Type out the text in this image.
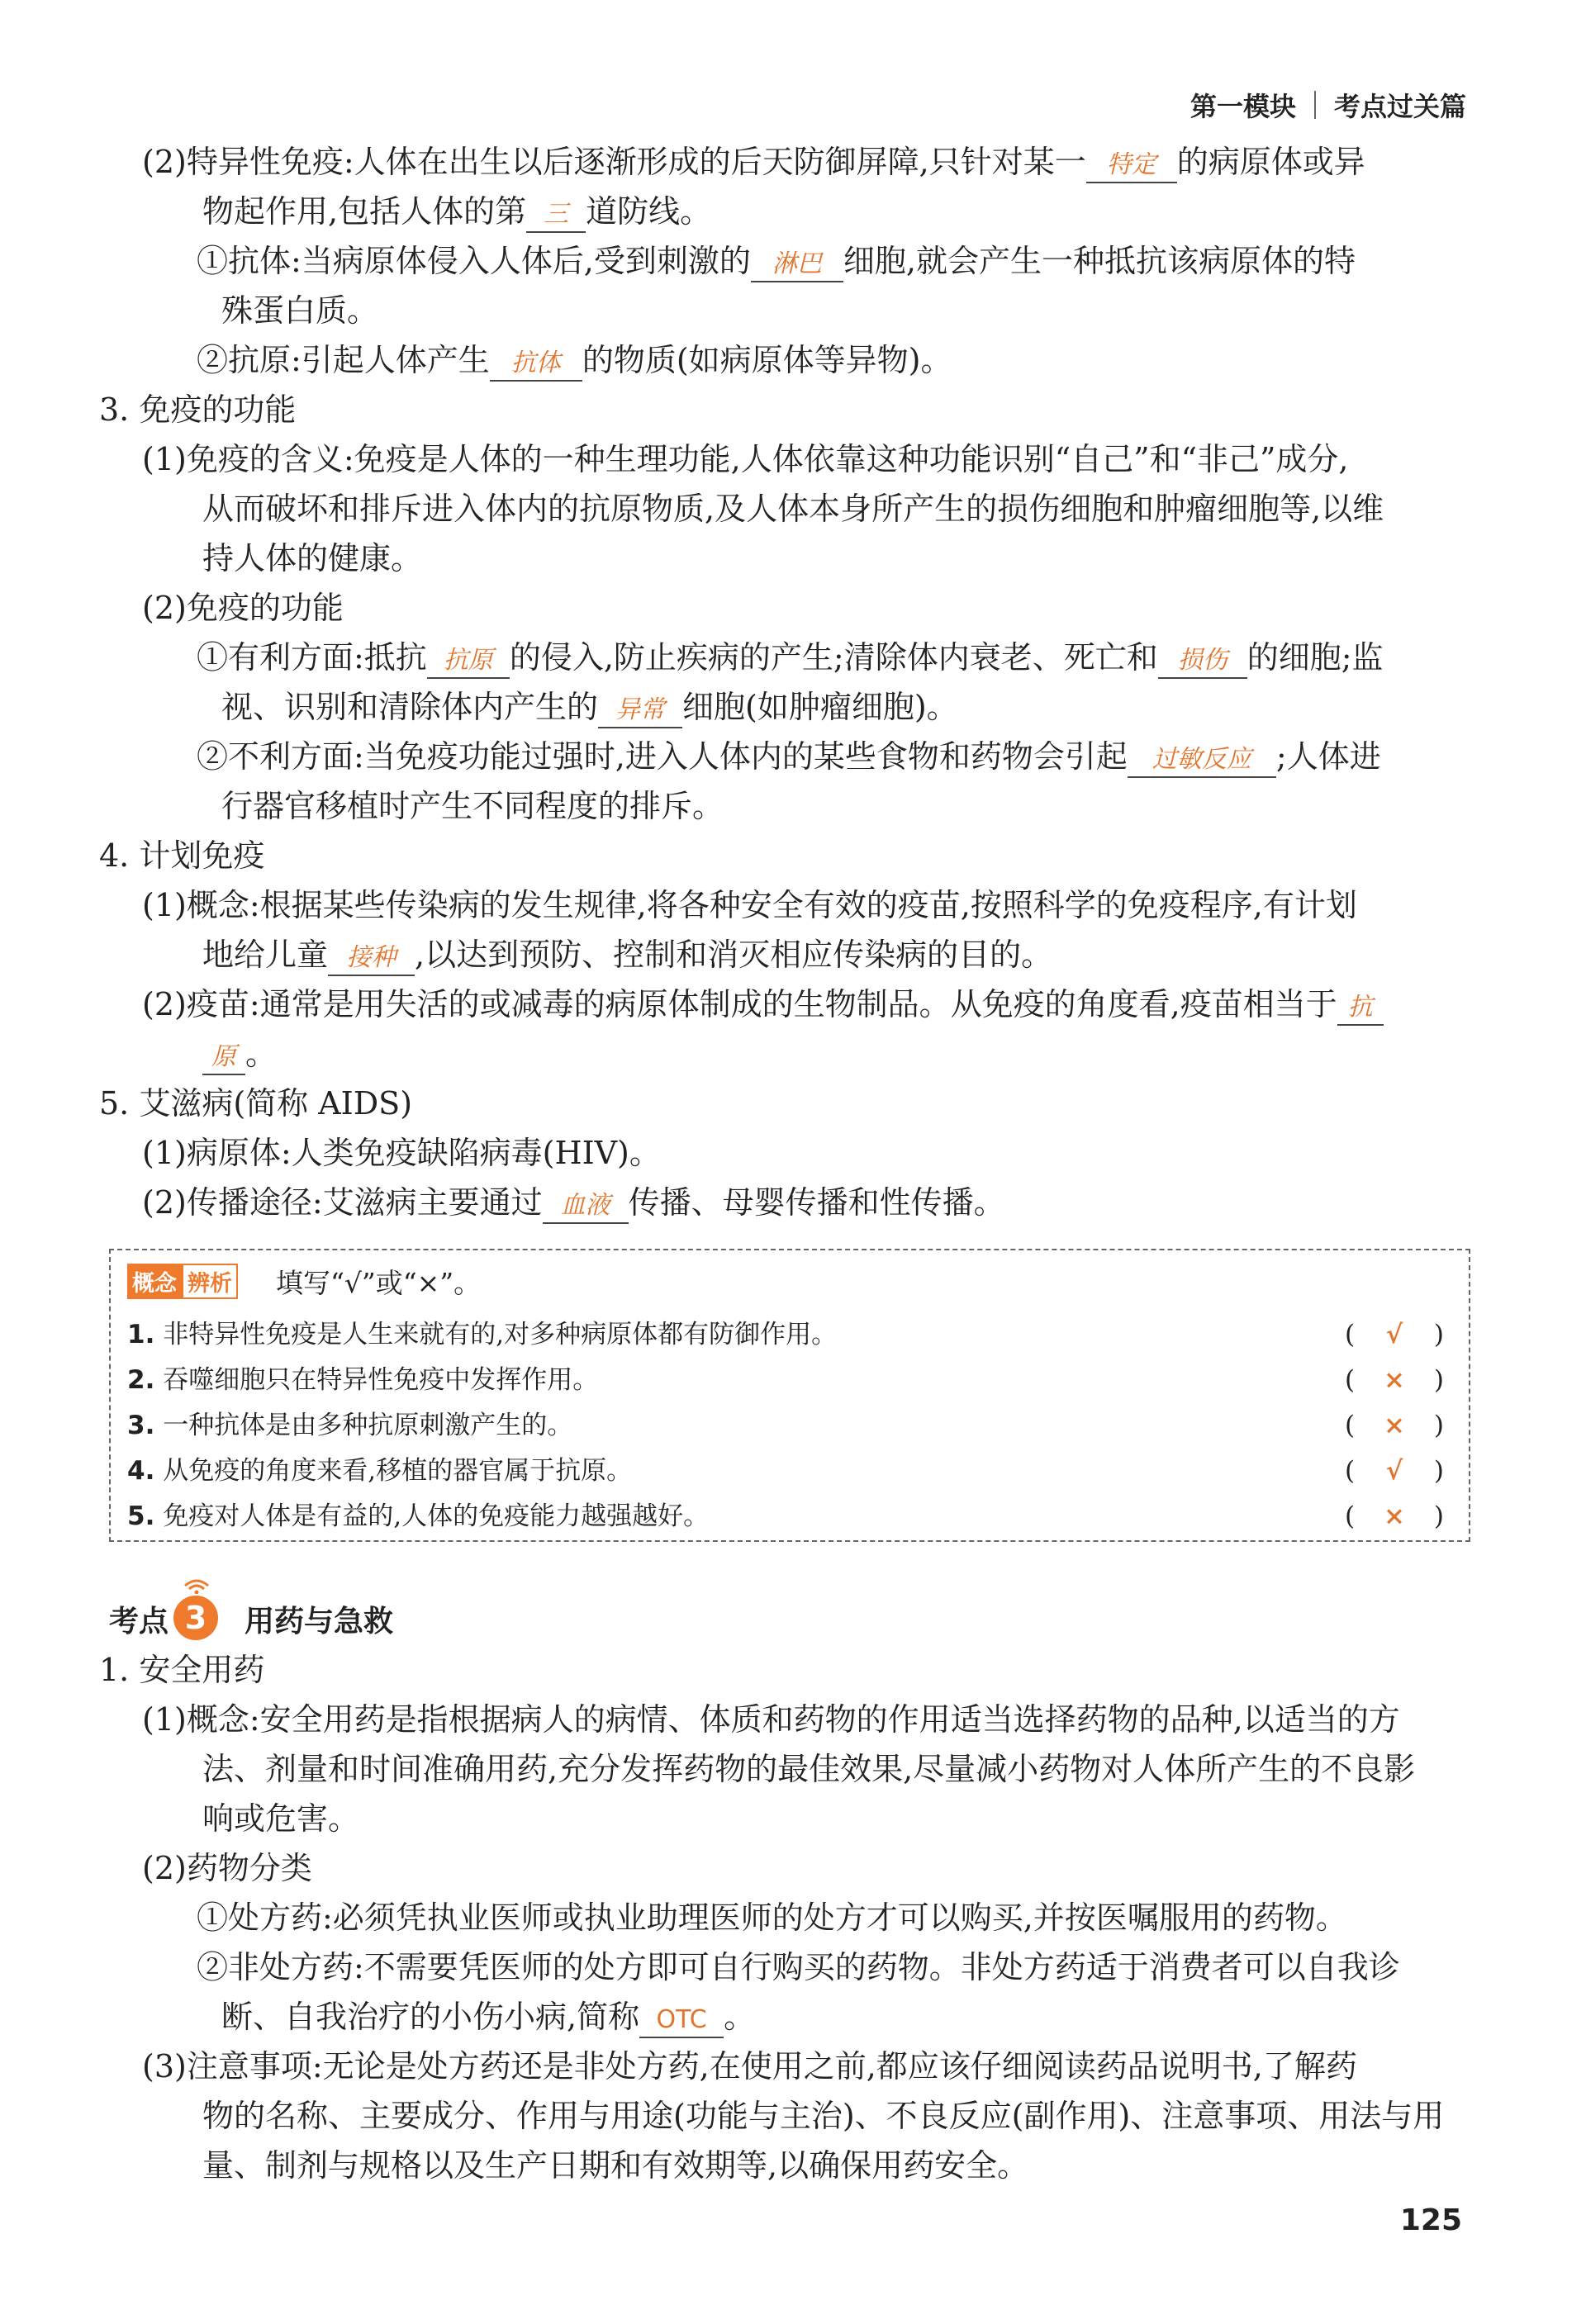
第一模块 考点过关篇
(2)特异性免疫:人体在出生以后逐渐形成的后天防御屏障,只针对某一 特定 的病原体或异
物起作用,包括人体的第 三 道防线。
①抗体:当病原体侵入人体后,受到刺激的 淋巴 细胞,就会产生一种抵抗该病原体的特
殊蛋白质。
②抗原:引起人体产生 抗体 的物质(如病原体等异物)。
3. 免疫的功能
(1)免疫的含义:免疫是人体的一种生理功能,人体依靠这种功能识别“自己”和“非己”成分,
从而破坏和排斥进入体内的抗原物质,及人体本身所产生的损伤细胞和肿瘤细胞等,以维
持人体的健康。
(2)免疫的功能
①有利方面:抵抗 抗原 的侵入,防止疾病的产生;清除体内衰老、死亡和 损伤 的细胞;监
视、识别和清除体内产生的 异常 细胞(如肿瘤细胞)。
②不利方面:当免疫功能过强时,进入人体内的某些食物和药物会引起 过敏反应 ;人体进
行器官移植时产生不同程度的排斥。
4. 计划免疫
(1)概念:根据某些传染病的发生规律,将各种安全有效的疫苗,按照科学的免疫程序,有计划
地给儿童 接种 ,以达到预防、控制和消灭相应传染病的目的。
(2)疫苗:通常是用失活的或减毒的病原体制成的生物制品。从免疫的角度看,疫苗相当于 抗
原 。
5. 艾滋病(简称 AIDS)
(1)病原体:人类免疫缺陷病毒(HIV)。
(2)传播途径:艾滋病主要通过 血液 传播、母婴传播和性传播。
概念 辨析 填写“√”或“×”。
1. 非特异性免疫是人生来就有的,对多种病原体都有防御作用。	( √ )
2. 吞噬细胞只在特异性免疫中发挥作用。	( × )
3. 一种抗体是由多种抗原刺激产生的。	( × )
4. 从免疫的角度来看,移植的器官属于抗原。	( √ )
5. 免疫对人体是有益的,人体的免疫能力越强越好。	( × )
考点 3	用药与急救
1. 安全用药
(1)概念:安全用药是指根据病人的病情、体质和药物的作用适当选择药物的品种,以适当的方
法、剂量和时间准确用药,充分发挥药物的最佳效果,尽量减小药物对人体所产生的不良影
响或危害。
(2)药物分类
①处方药:必须凭执业医师或执业助理医师的处方才可以购买,并按医嘱服用的药物。
②非处方药:不需要凭医师的处方即可自行购买的药物。非处方药适于消费者可以自我诊
断、自我治疗的小伤小病,简称 OTC 。
(3)注意事项:无论是处方药还是非处方药,在使用之前,都应该仔细阅读药品说明书,了解药
物的名称、主要成分、作用与用途(功能与主治)、不良反应(副作用)、注意事项、用法与用
量、制剂与规格以及生产日期和有效期等,以确保用药安全。
125
